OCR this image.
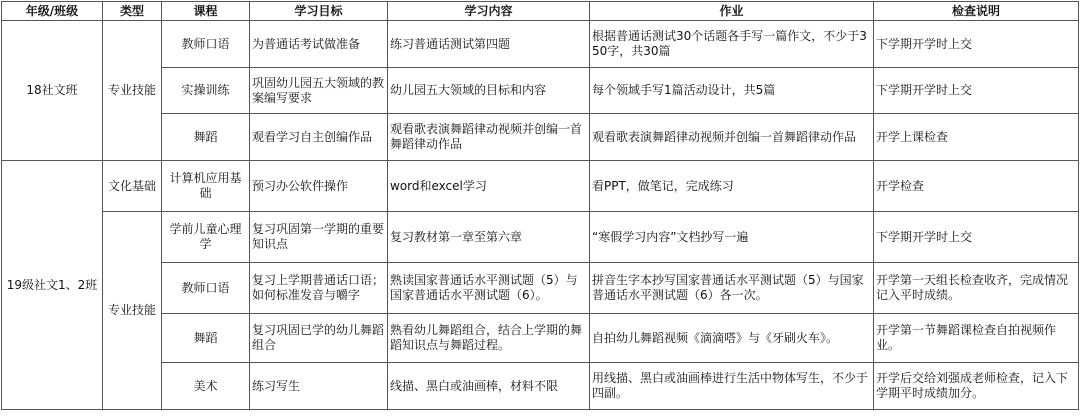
年级/班级	类型	课程	学习目标	学习内容	作业	检查说明
18社文班	专业技能	教师口语	为普通话考试做准备	练习普通话测试第四题	根据普通话测试30个话题各手写一篇作文，不少于350字，共30篇	下学期开学时上交
		实操训练	巩固幼儿园五大领域的教案编写要求	幼儿园五大领域的目标和内容	每个领域手写1篇活动设计，共5篇	下学期开学时上交
		舞蹈	观看学习自主创编作品	观看歌表演舞蹈律动视频并创编一首舞蹈律动作品	观看歌表演舞蹈律动视频并创编一首舞蹈律动作品	开学上课检查
19级社文1、2班	文化基础	计算机应用基础	预习办公软件操作	word和excel学习	看PPT，做笔记，完成练习	开学检查
	专业技能	学前儿童心理学	复习巩固第一学期的重要知识点	复习教材第一章至第六章	“寒假学习内容”文档抄写一遍	下学期开学时上交
		教师口语	复习上学期普通话口语；如何标准发音与嚼字	熟读国家普通话水平测试题（5）与国家普通话水平测试题（6）。	拼音生字本抄写国家普通话水平测试题（5）与国家普通话水平测试题（6）各一次。	开学第一天组长检查收齐，完成情况记入平时成绩。
		舞蹈	复习巩固已学的幼儿舞蹈组合	熟看幼儿舞蹈组合，结合上学期的舞蹈知识点与舞蹈过程。	自拍幼儿舞蹈视频《滴滴嗒》与《牙刷火车》。	开学第一节舞蹈课检查自拍视频作业。
		美术	练习写生	线描、黑白或油画棒，材料不限	用线描、黑白或油画棒进行生活中物体写生，不少于四副。	开学后交给刘强成老师检查，记入下学期平时成绩加分。
